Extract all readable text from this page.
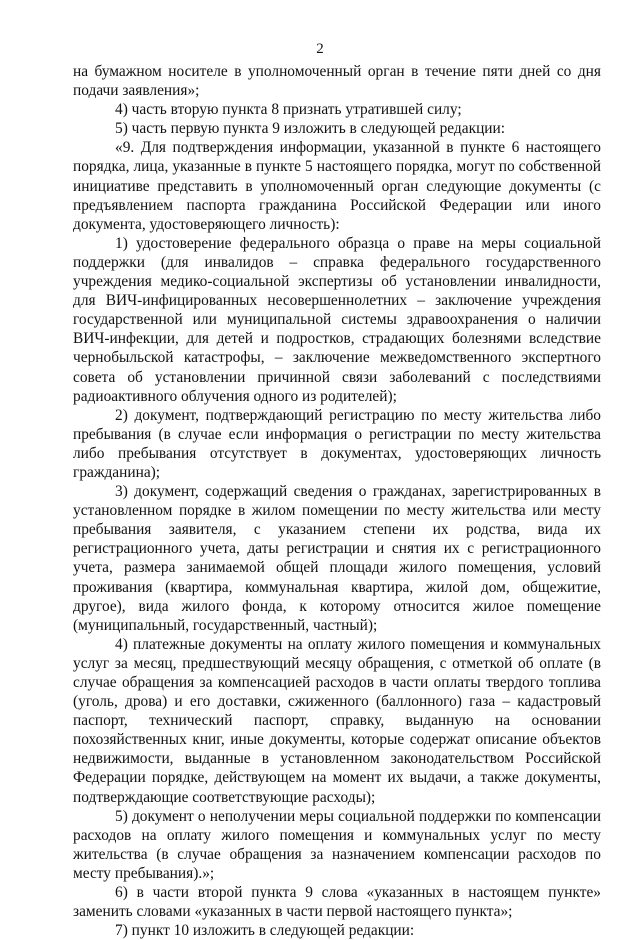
2

на бумажном носителе в уполномоченный орган в течение пяти дней со дня подачи заявления»;

4) часть вторую пункта 8 признать утратившей силу;

5) часть первую пункта 9 изложить в следующей редакции:

«9. Для подтверждения информации, указанной в пункте 6 настоящего порядка, лица, указанные в пункте 5 настоящего порядка, могут по собственной инициативе представить в уполномоченный орган следующие документы (с предъявлением паспорта гражданина Российской Федерации или иного документа, удостоверяющего личность):

1) удостоверение федерального образца о праве на меры социальной поддержки (для инвалидов – справка федерального государственного учреждения медико-социальной экспертизы об установлении инвалидности, для ВИЧ-инфицированных несовершеннолетних – заключение учреждения государственной или муниципальной системы здравоохранения о наличии ВИЧ-инфекции, для детей и подростков, страдающих болезнями вследствие чернобыльской катастрофы, – заключение межведомственного экспертного совета об установлении причинной связи заболеваний с последствиями радиоактивного облучения одного из родителей);

2) документ, подтверждающий регистрацию по месту жительства либо пребывания (в случае если информация о регистрации по месту жительства либо пребывания отсутствует в документах, удостоверяющих личность гражданина);

3) документ, содержащий сведения о гражданах, зарегистрированных в установленном порядке в жилом помещении по месту жительства или месту пребывания заявителя, с указанием степени их родства, вида их регистрационного учета, даты регистрации и снятия их с регистрационного учета, размера занимаемой общей площади жилого помещения, условий проживания (квартира, коммунальная квартира, жилой дом, общежитие, другое), вида жилого фонда, к которому относится жилое помещение (муниципальный, государственный, частный);

4) платежные документы на оплату жилого помещения и коммунальных услуг за месяц, предшествующий месяцу обращения, с отметкой об оплате (в случае обращения за компенсацией расходов в части оплаты твердого топлива (уголь, дрова) и его доставки, сжиженного (баллонного) газа – кадастровый паспорт, технический паспорт, справку, выданную на основании похозяйственных книг, иные документы, которые содержат описание объектов недвижимости, выданные в установленном законодательством Российской Федерации порядке, действующем на момент их выдачи, а также документы, подтверждающие соответствующие расходы);

5) документ о неполучении меры социальной поддержки по компенсации расходов на оплату жилого помещения и коммунальных услуг по месту жительства (в случае обращения за назначением компенсации расходов по месту пребывания).»;

6) в части второй пункта 9 слова «указанных в настоящем пункте» заменить словами «указанных в части первой настоящего пункта»;

7) пункт 10 изложить в следующей редакции:
